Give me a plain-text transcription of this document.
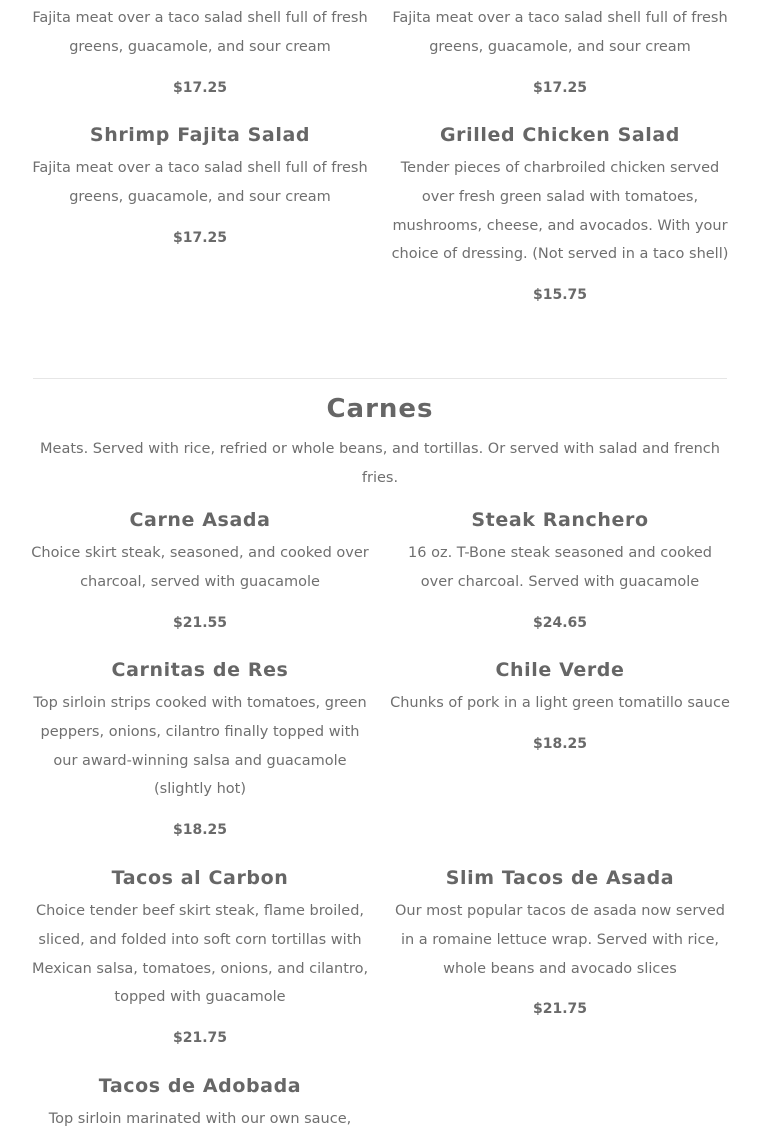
Fajita meat over a taco salad shell full of fresh greens, guacamole, and sour cream

$17.25

Fajita meat over a taco salad shell full of fresh greens, guacamole, and sour cream

$17.25
Shrimp Fajita Salad

Fajita meat over a taco salad shell full of fresh greens, guacamole, and sour cream

$17.25
Grilled Chicken Salad

Tender pieces of charbroiled chicken served over fresh green salad with tomatoes, mushrooms, cheese, and avocados. With your choice of dressing. (Not served in a taco shell)

$15.75
Carnes

Meats. Served with rice, refried or whole beans, and tortillas. Or served with salad and french fries.

Carne Asada

Choice skirt steak, seasoned, and cooked over charcoal, served with guacamole

$21.55
Steak Ranchero

16 oz. T-Bone steak seasoned and cooked over charcoal. Served with guacamole

$24.65
Carnitas de Res

Top sirloin strips cooked with tomatoes, green peppers, onions, cilantro finally topped with our award-winning salsa and guacamole (slightly hot)

$18.25
Chile Verde

Chunks of pork in a light green tomatillo sauce

$18.25
Tacos al Carbon

Choice tender beef skirt steak, flame broiled, sliced, and folded into soft corn tortillas with Mexican salsa, tomatoes, onions, and cilantro, topped with guacamole

$21.75
Slim Tacos de Asada

Our most popular tacos de asada now served in a romaine lettuce wrap. Served with rice, whole beans and avocado slices

$21.75
Tacos de Adobada

Top sirloin marinated with our own sauce,
